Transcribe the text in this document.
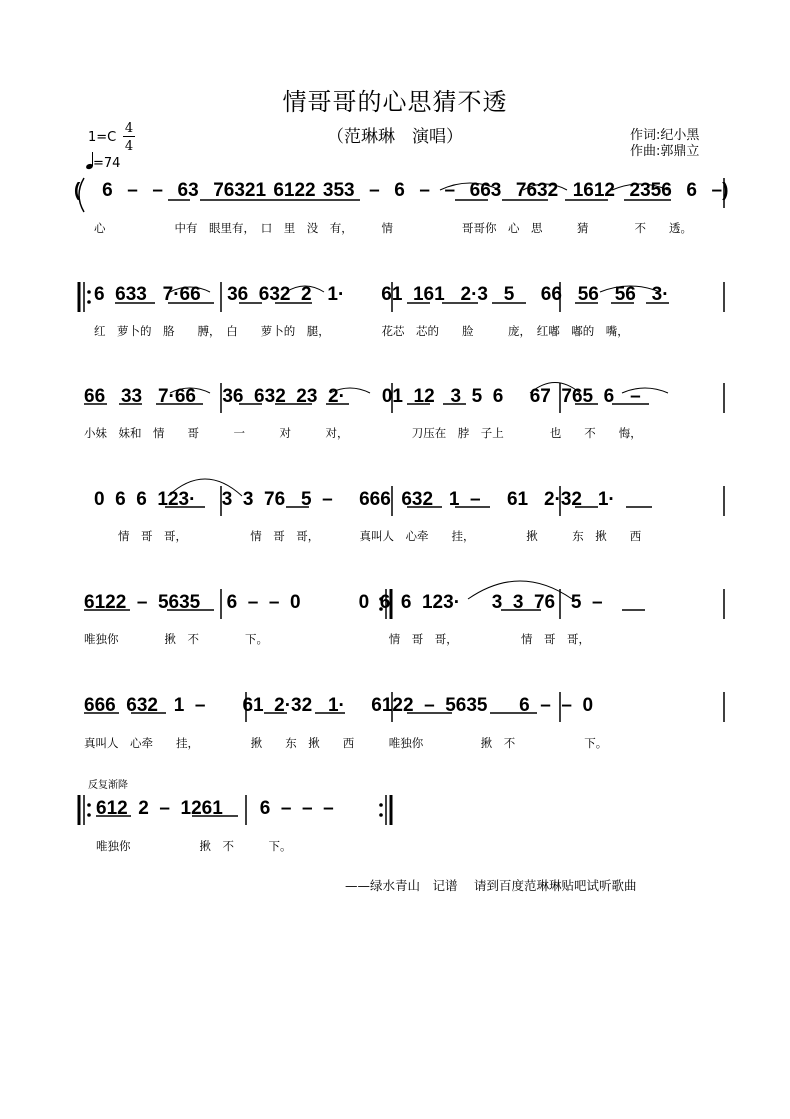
情哥哥的心思猜不透
（范琳琳　演唱）
1=C
4
4
=74
作词:纪小黑
作曲:郭鼎立
(   6  –  –  63  76321 6122 353  –  6  –  –  663  7632  1612  2356  6  –)
心　　　　　　中有　眼里有，　口　里　没　有，　　　情　　　　　　哥哥你　心　思　　　猜　　　　不　　透。
6  633   7·66     36  632  2   1·       61  161   2·3   5     66   56   56   3·
红　萝卜的　胳　　膊，　白　　萝卜的　腿，　　　　　花芯　芯的　　脸　　　庞，　红嘟　嘟的　嘴，
66   33   7·66     36  632  23  2·       01  12   3  5  6     67  765  6   –
小妹　妹和　情　　哥　　　一　　　对　　　对，　　　　　　刀压在　脖　子上　　　　也　　不　　悔，
0  6  6  123·     3  3  76   5  –     666  632   1  –     61   2·32   1·
情　哥　哥，　　　　　　情　哥　哥，　　　　真叫人　心牵　　挂，　　　　　揪　　　东　揪　　西
6122  –  5635     6  –  –  0           0  6  6  123·      3  3  76   5  –
唯独你　　　　揪　不　　　　下。　　　　　　　　　　　情　哥　哥，　　　　　　情　哥　哥，
666  632   1  –       61  2·32   1·     6122  –  5635      6  –  –  0
真叫人　心牵　　挂，　　　　　揪　　东　揪　　西　　　唯独你　　　　　揪　不　　　　　　下。
反复渐降
612  2  –  1261       6  –  –  –
唯独你　　　　　　揪　不　　　下。
——绿水青山　记谱　 请到百度范琳琳贴吧试听歌曲
